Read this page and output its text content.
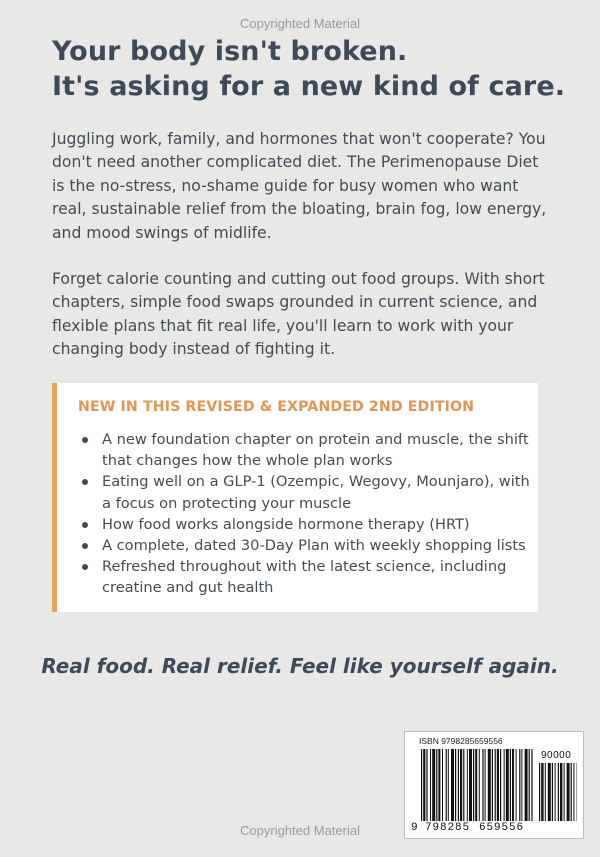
Copyrighted Material
Your body isn't broken.
It's asking for a new kind of care.

Juggling work, family, and hormones that won't cooperate? You don't need another complicated diet. The Perimenopause Diet is the no-stress, no-shame guide for busy women who want real, sustainable relief from the bloating, brain fog, low energy, and mood swings of midlife.

Forget calorie counting and cutting out food groups. With short chapters, simple food swaps grounded in current science, and flexible plans that fit real life, you'll learn to work with your changing body instead of fighting it.

NEW IN THIS REVISED & EXPANDED 2ND EDITION
A new foundation chapter on protein and muscle, the shift that changes how the whole plan works
Eating well on a GLP-1 (Ozempic, Wegovy, Mounjaro), with a focus on protecting your muscle
How food works alongside hormone therapy (HRT)
A complete, dated 30-Day Plan with weekly shopping lists
Refreshed throughout with the latest science, including creatine and gut health
Real food. Real relief. Feel like yourself again.
ISBN 9798285659556
90000
9 798285 659556
Copyrighted Material
